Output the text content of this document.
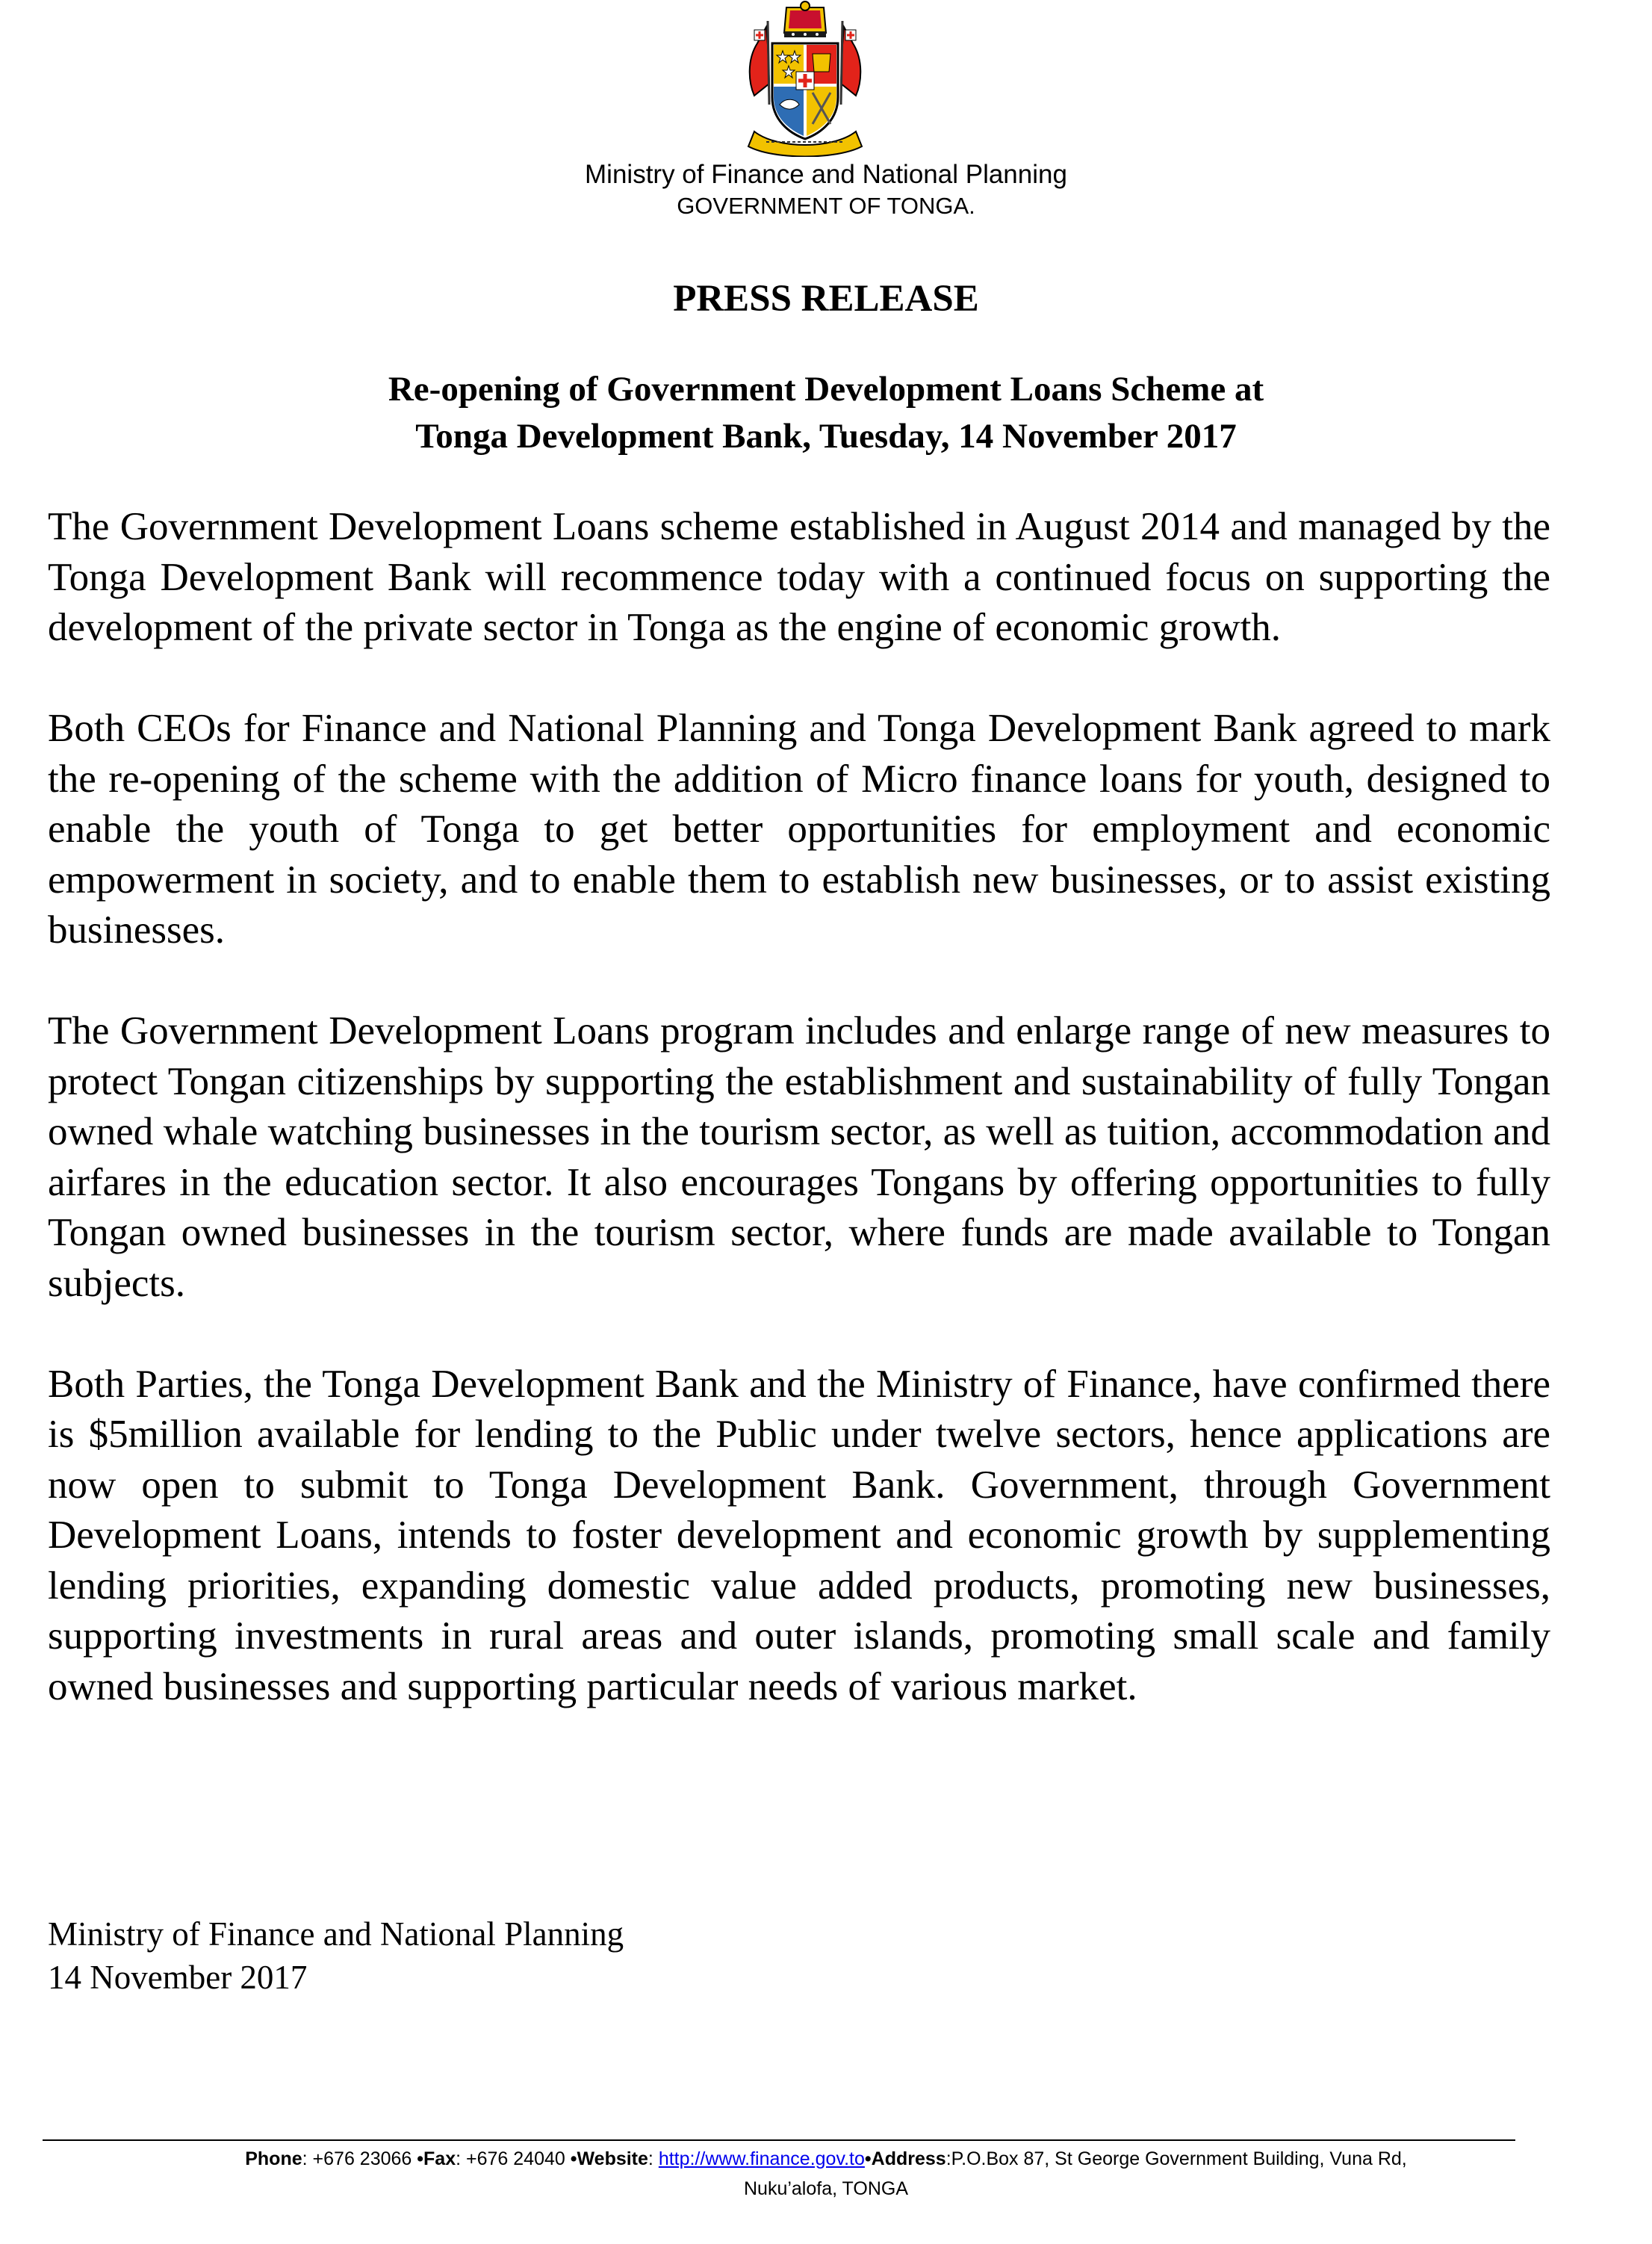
Ministry of Finance and National Planning
GOVERNMENT OF TONGA.
PRESS RELEASE
Re-opening of Government Development Loans Scheme at
Tonga Development Bank, Tuesday, 14 November 2017

The Government Development Loans scheme established in August 2014 and managed by the Tonga Development Bank will recommence today with a continued focus on supporting the development of the private sector in Tonga as the engine of economic growth.

Both CEOs for Finance and National Planning and Tonga Development Bank agreed to mark the re-opening of the scheme with the addition of Micro finance loans for youth, designed to enable the youth of Tonga to get better opportunities for employment and economic empowerment in society, and to enable them to establish new businesses, or to assist existing businesses.

The Government Development Loans program includes and enlarge range of new measures to protect Tongan citizenships by supporting the establishment and sustainability of fully Tongan owned whale watching businesses in the tourism sector, as well as tuition, accommodation and airfares in the education sector. It also encourages Tongans by offering opportunities to fully Tongan owned businesses in the tourism sector, where funds are made available to Tongan subjects.

Both Parties, the Tonga Development Bank and the Ministry of Finance, have confirmed there is $5million available for lending to the Public under twelve sectors, hence applications are now open to submit to Tonga Development Bank. Government, through Government Development Loans, intends to foster development and economic growth by supplementing lending priorities, expanding domestic value added products, promoting new businesses, supporting investments in rural areas and outer islands, promoting small scale and family owned businesses and supporting particular needs of various market.

Ministry of Finance and National Planning
14 November 2017
Phone: +676 23066 •Fax: +676 24040 •Website: http://www.finance.gov.to•Address:P.O.Box 87, St George Government Building, Vuna Rd,
Nuku’alofa, TONGA
